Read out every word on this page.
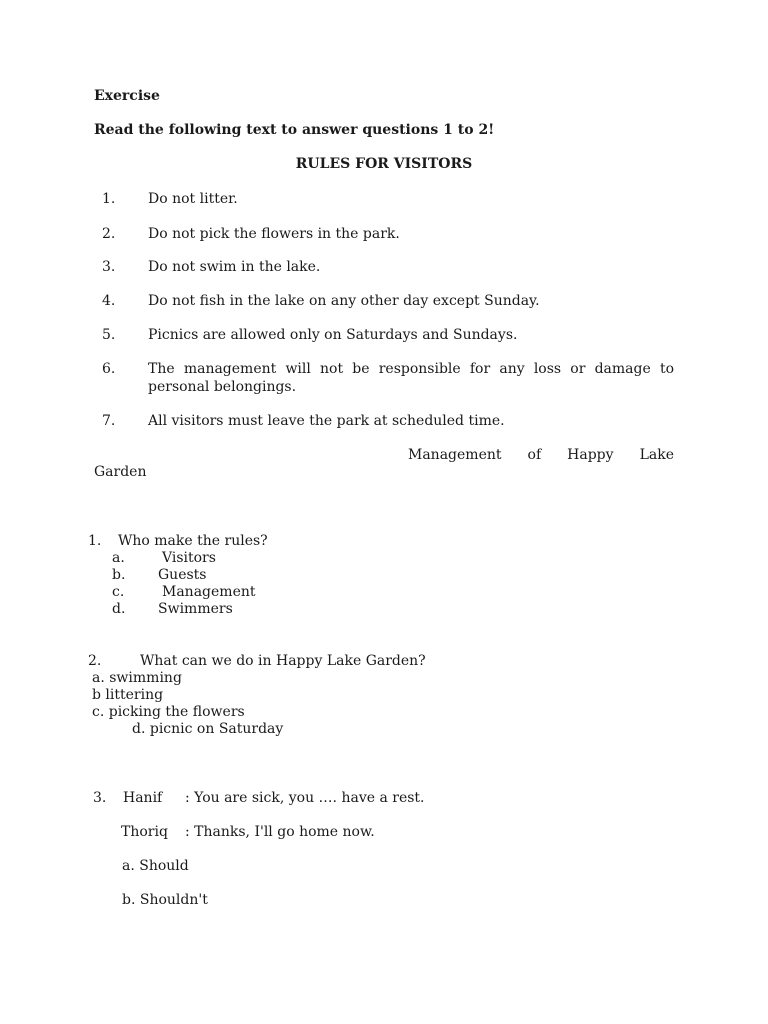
Exercise
Read the following text to answer questions 1 to 2!
RULES FOR VISITORS
1.	Do not litter.
2.	Do not pick the flowers in the park.
3.	Do not swim in the lake.
4.	Do not fish in the lake on any other day except Sunday.
5.	Picnics are allowed only on Saturdays and Sundays.
6.	The management will not be responsible for any loss or damage to personal belongings.
7.	All visitors must leave the park at scheduled time.
Management of Happy Lake
Garden
1. Who make the rules?
a.	Visitors
b. Guests
c.	Management
d. Swimmers
2.	What can we do in Happy Lake Garden?
a. swimming
b littering
c. picking the flowers
d. picnic on Saturday
3. Hanif : You are sick, you …. have a rest.
Thoriq : Thanks, I'll go home now.
a. Should
b. Shouldn't
